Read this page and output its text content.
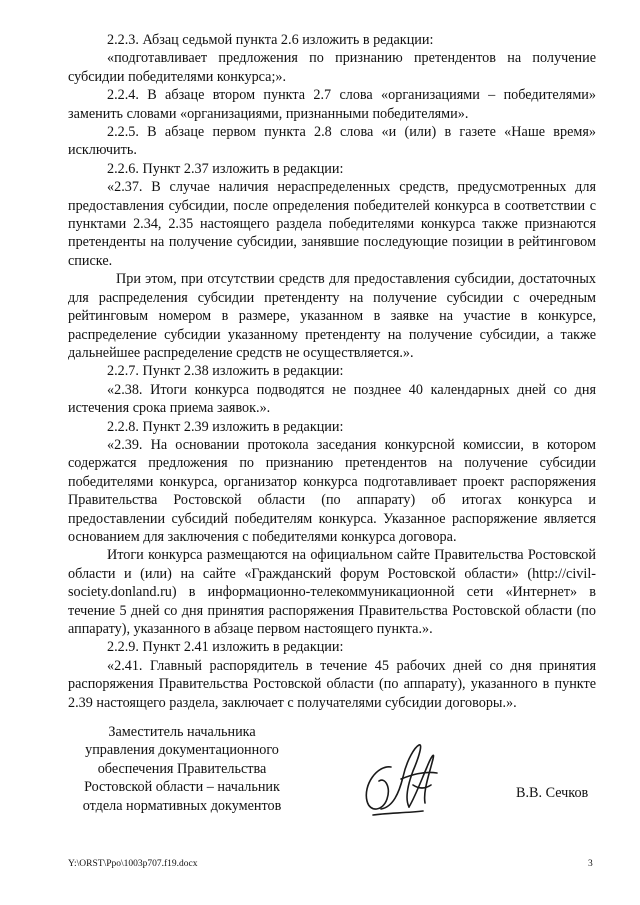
2.2.3. Абзац седьмой пункта 2.6 изложить в редакции:

«подготавливает предложения по признанию претендентов на получение субсидии победителями конкурса;».

2.2.4. В абзаце втором пункта 2.7 слова «организациями – победителями» заменить словами «организациями, признанными победителями».

2.2.5. В абзаце первом пункта 2.8 слова «и (или) в газете «Наше время» исключить.

2.2.6. Пункт 2.37 изложить в редакции:

«2.37. В случае наличия нераспределенных средств, предусмотренных для предоставления субсидии, после определения победителей конкурса в соответствии с пунктами 2.34, 2.35 настоящего раздела победителями конкурса также признаются претенденты на получение субсидии, занявшие последующие позиции в рейтинговом списке.

При этом, при отсутствии средств для предоставления субсидии, достаточных для распределения субсидии претенденту на получение субсидии с очередным рейтинговым номером в размере, указанном в заявке на участие в конкурсе, распределение субсидии указанному претенденту на получение субсидии, а также дальнейшее распределение средств не осуществляется.».

2.2.7. Пункт 2.38 изложить в редакции:

«2.38. Итоги конкурса подводятся не позднее 40 календарных дней со дня истечения срока приема заявок.».

2.2.8. Пункт 2.39 изложить в редакции:

«2.39. На основании протокола заседания конкурсной комиссии, в котором содержатся предложения по признанию претендентов на получение субсидии победителями конкурса, организатор конкурса подготавливает проект распоряжения Правительства Ростовской области (по аппарату) об итогах конкурса и предоставлении субсидий победителям конкурса. Указанное распоряжение является основанием для заключения с победителями конкурса договора.

Итоги конкурса размещаются на официальном сайте Правительства Ростовской области и (или) на сайте «Гражданский форум Ростовской области» (http://civil-society.donland.ru) в информационно-телекоммуникационной сети «Интернет» в течение 5 дней со дня принятия распоряжения Правительства Ростовской области (по аппарату), указанного в абзаце первом настоящего пункта.».

2.2.9. Пункт 2.41 изложить в редакции:

«2.41. Главный распорядитель в течение 45 рабочих дней со дня принятия распоряжения Правительства Ростовской области (по аппарату), указанного в пункте 2.39 настоящего раздела, заключает с получателями субсидии договоры.».

Заместитель начальника
управления документационного
обеспечения Правительства
Ростовской области – начальник
отдела нормативных документов
В.В. Сечков
Y:\ORST\Ppo\1003p707.f19.docx	3
